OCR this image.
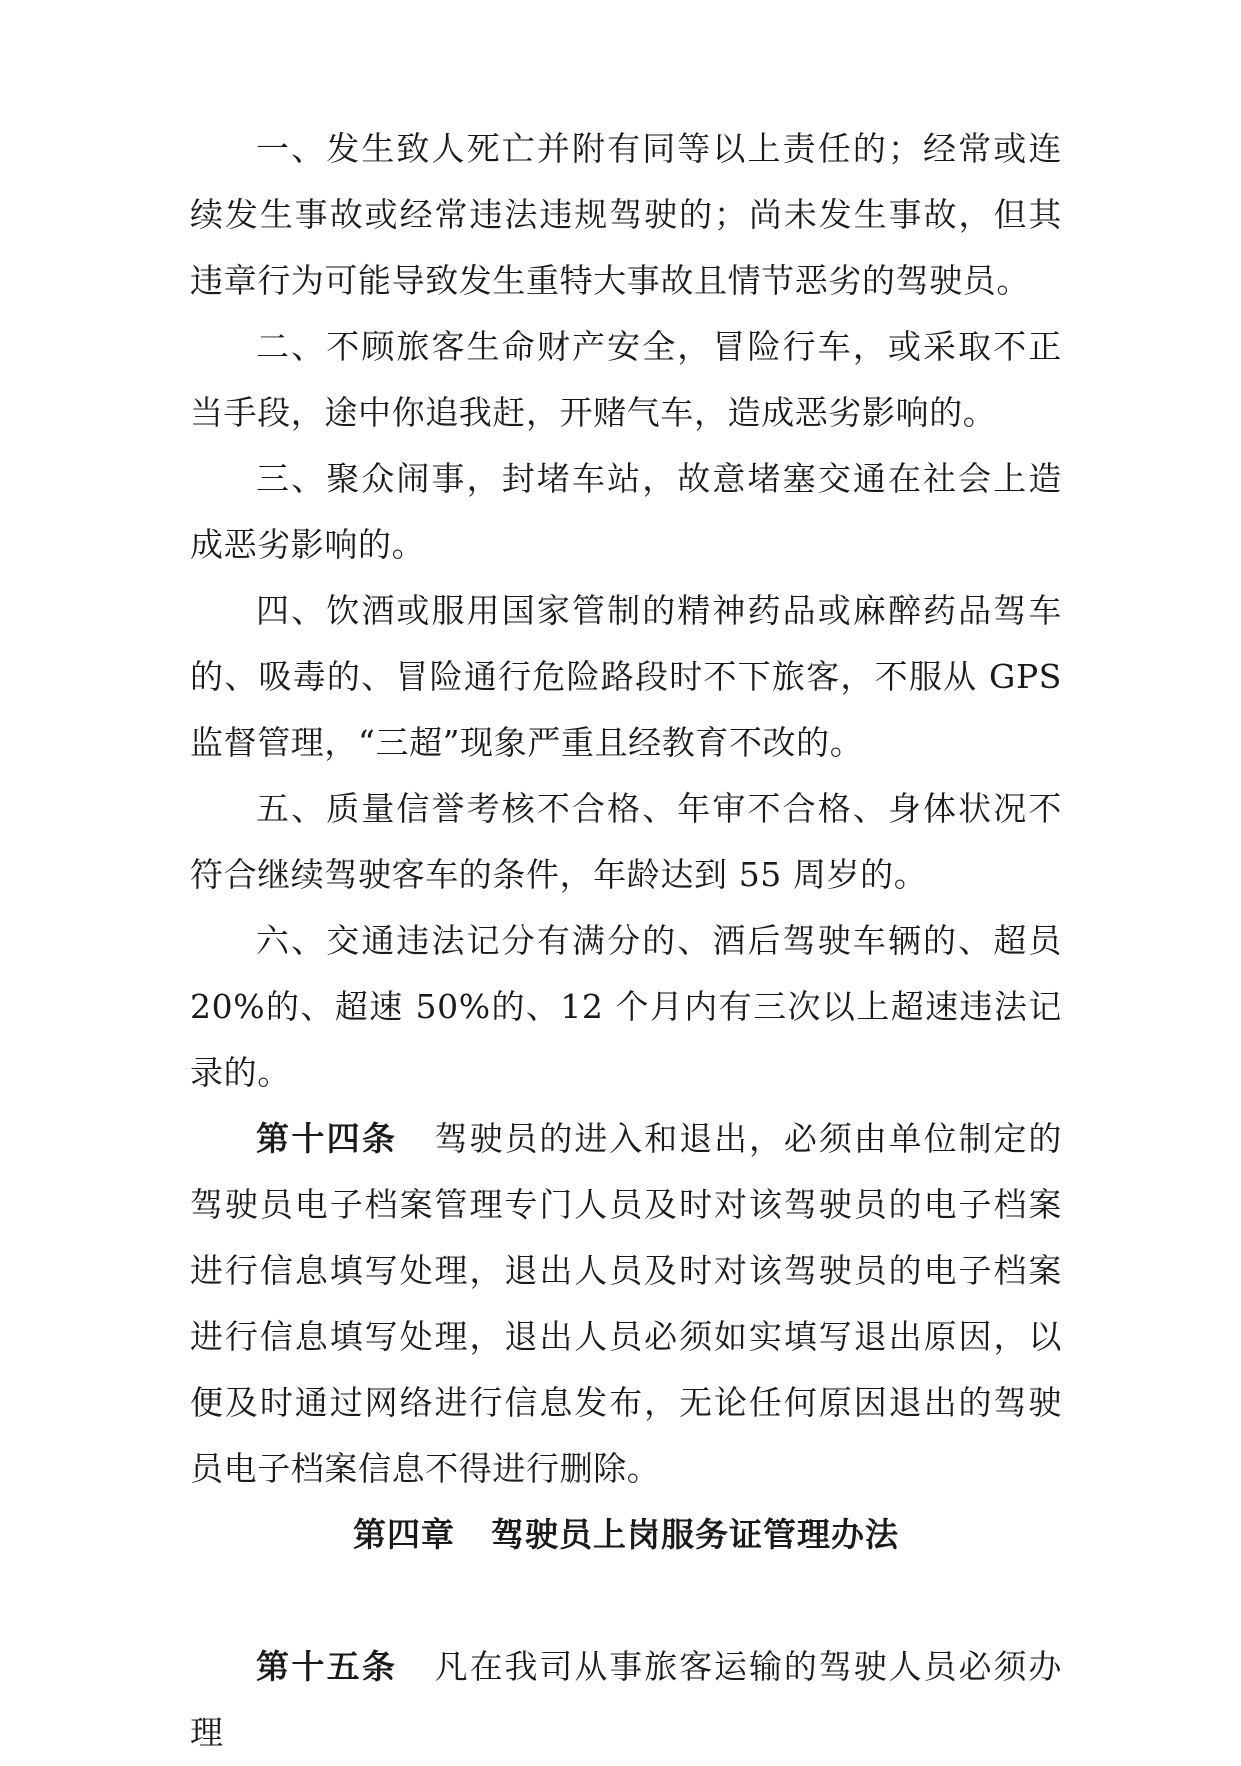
一、发生致人死亡并附有同等以上责任的；经常或连续发生事故或经常违法违规驾驶的；尚未发生事故，但其违章行为可能导致发生重特大事故且情节恶劣的驾驶员。

二、不顾旅客生命财产安全，冒险行车，或采取不正当手段，途中你追我赶，开赌气车，造成恶劣影响的。

三、聚众闹事，封堵车站，故意堵塞交通在社会上造成恶劣影响的。

四、饮酒或服用国家管制的精神药品或麻醉药品驾车的、吸毒的、冒险通行危险路段时不下旅客，不服从 GPS 监督管理，“三超”现象严重且经教育不改的。

五、质量信誉考核不合格、年审不合格、身体状况不符合继续驾驶客车的条件，年龄达到 55 周岁的。

六、交通违法记分有满分的、酒后驾驶车辆的、超员 20%的、超速 50%的、12 个月内有三次以上超速违法记录的。

第十四条 驾驶员的进入和退出，必须由单位制定的驾驶员电子档案管理专门人员及时对该驾驶员的电子档案进行信息填写处理，退出人员及时对该驾驶员的电子档案进行信息填写处理，退出人员必须如实填写退出原因，以便及时通过网络进行信息发布，无论任何原因退出的驾驶员电子档案信息不得进行删除。

第四章 驾驶员上岗服务证管理办法

第十五条 凡在我司从事旅客运输的驾驶人员必须办理
